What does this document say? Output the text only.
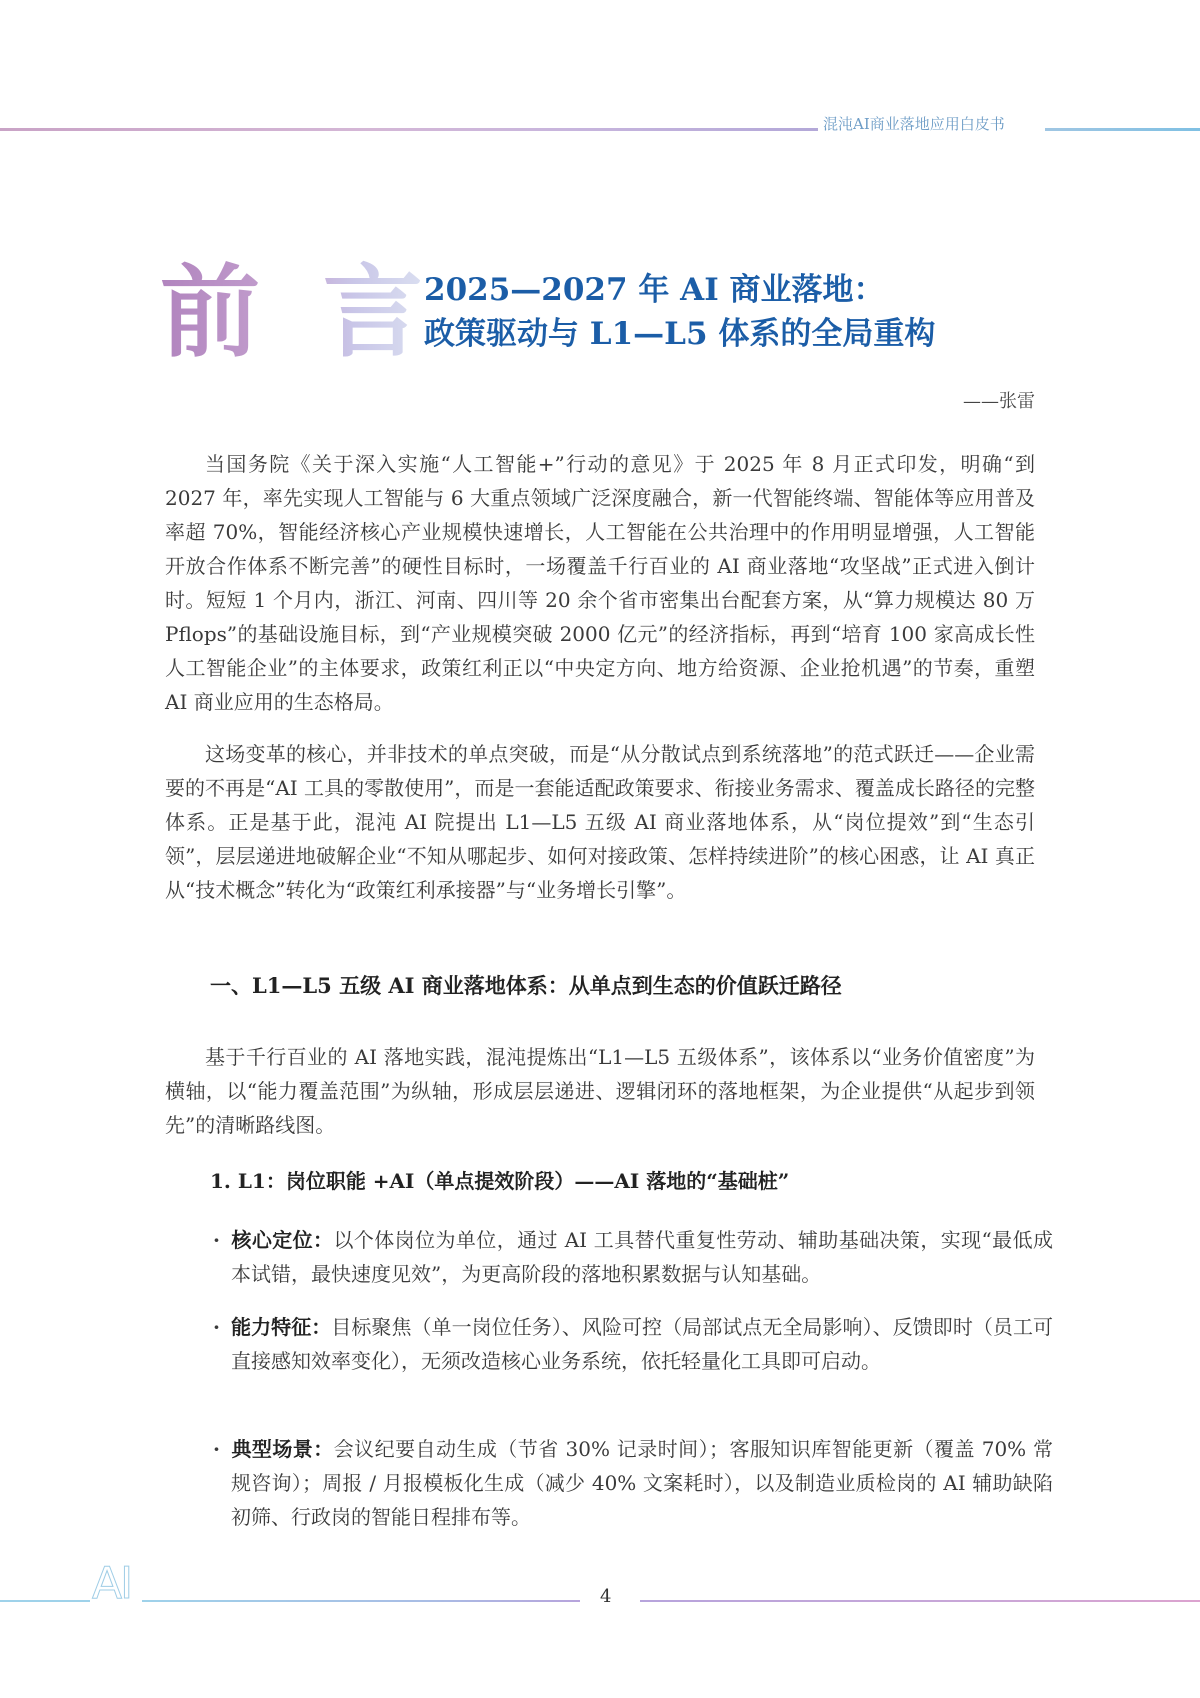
混沌AI商业落地应用白皮书
前 言
2025—2027 年 AI 商业落地：
政策驱动与 L1—L5 体系的全局重构
——张雷

当国务院《关于深入实施“人工智能+”行动的意见》于 2025 年 8 月正式印发，明确“到 2027 年，率先实现人工智能与 6 大重点领域广泛深度融合，新一代智能终端、智能体等应用普及率超 70%，智能经济核心产业规模快速增长，人工智能在公共治理中的作用明显增强，人工智能开放合作体系不断完善”的硬性目标时，一场覆盖千行百业的 AI 商业落地“攻坚战”正式进入倒计时。短短 1 个月内，浙江、河南、四川等 20 余个省市密集出台配套方案，从“算力规模达 80 万 Pflops”的基础设施目标，到“产业规模突破 2000 亿元”的经济指标，再到“培育 100 家高成长性人工智能企业”的主体要求，政策红利正以“中央定方向、地方给资源、企业抢机遇”的节奏，重塑 AI 商业应用的生态格局。

这场变革的核心，并非技术的单点突破，而是“从分散试点到系统落地”的范式跃迁——企业需要的不再是“AI 工具的零散使用”，而是一套能适配政策要求、衔接业务需求、覆盖成长路径的完整体系。正是基于此，混沌 AI 院提出 L1—L5 五级 AI 商业落地体系，从“岗位提效”到“生态引领”，层层递进地破解企业“不知从哪起步、如何对接政策、怎样持续进阶”的核心困惑，让 AI 真正从“技术概念”转化为“政策红利承接器”与“业务增长引擎”。

一、L1—L5 五级 AI 商业落地体系：从单点到生态的价值跃迁路径

基于千行百业的 AI 落地实践，混沌提炼出“L1—L5 五级体系”，该体系以“业务价值密度”为横轴，以“能力覆盖范围”为纵轴，形成层层递进、逻辑闭环的落地框架，为企业提供“从起步到领先”的清晰路线图。

1. L1：岗位职能 +AI（单点提效阶段）——AI 落地的“基础桩”
· 核心定位：以个体岗位为单位，通过 AI 工具替代重复性劳动、辅助基础决策，实现“最低成本试错，最快速度见效”，为更高阶段的落地积累数据与认知基础。
· 能力特征：目标聚焦（单一岗位任务）、风险可控（局部试点无全局影响）、反馈即时（员工可直接感知效率变化），无须改造核心业务系统，依托轻量化工具即可启动。
· 典型场景：会议纪要自动生成（节省 30% 记录时间）；客服知识库智能更新（覆盖 70% 常规咨询）；周报 / 月报模板化生成（减少 40% 文案耗时），以及制造业质检岗的 AI 辅助缺陷初筛、行政岗的智能日程排布等。
AI	4
